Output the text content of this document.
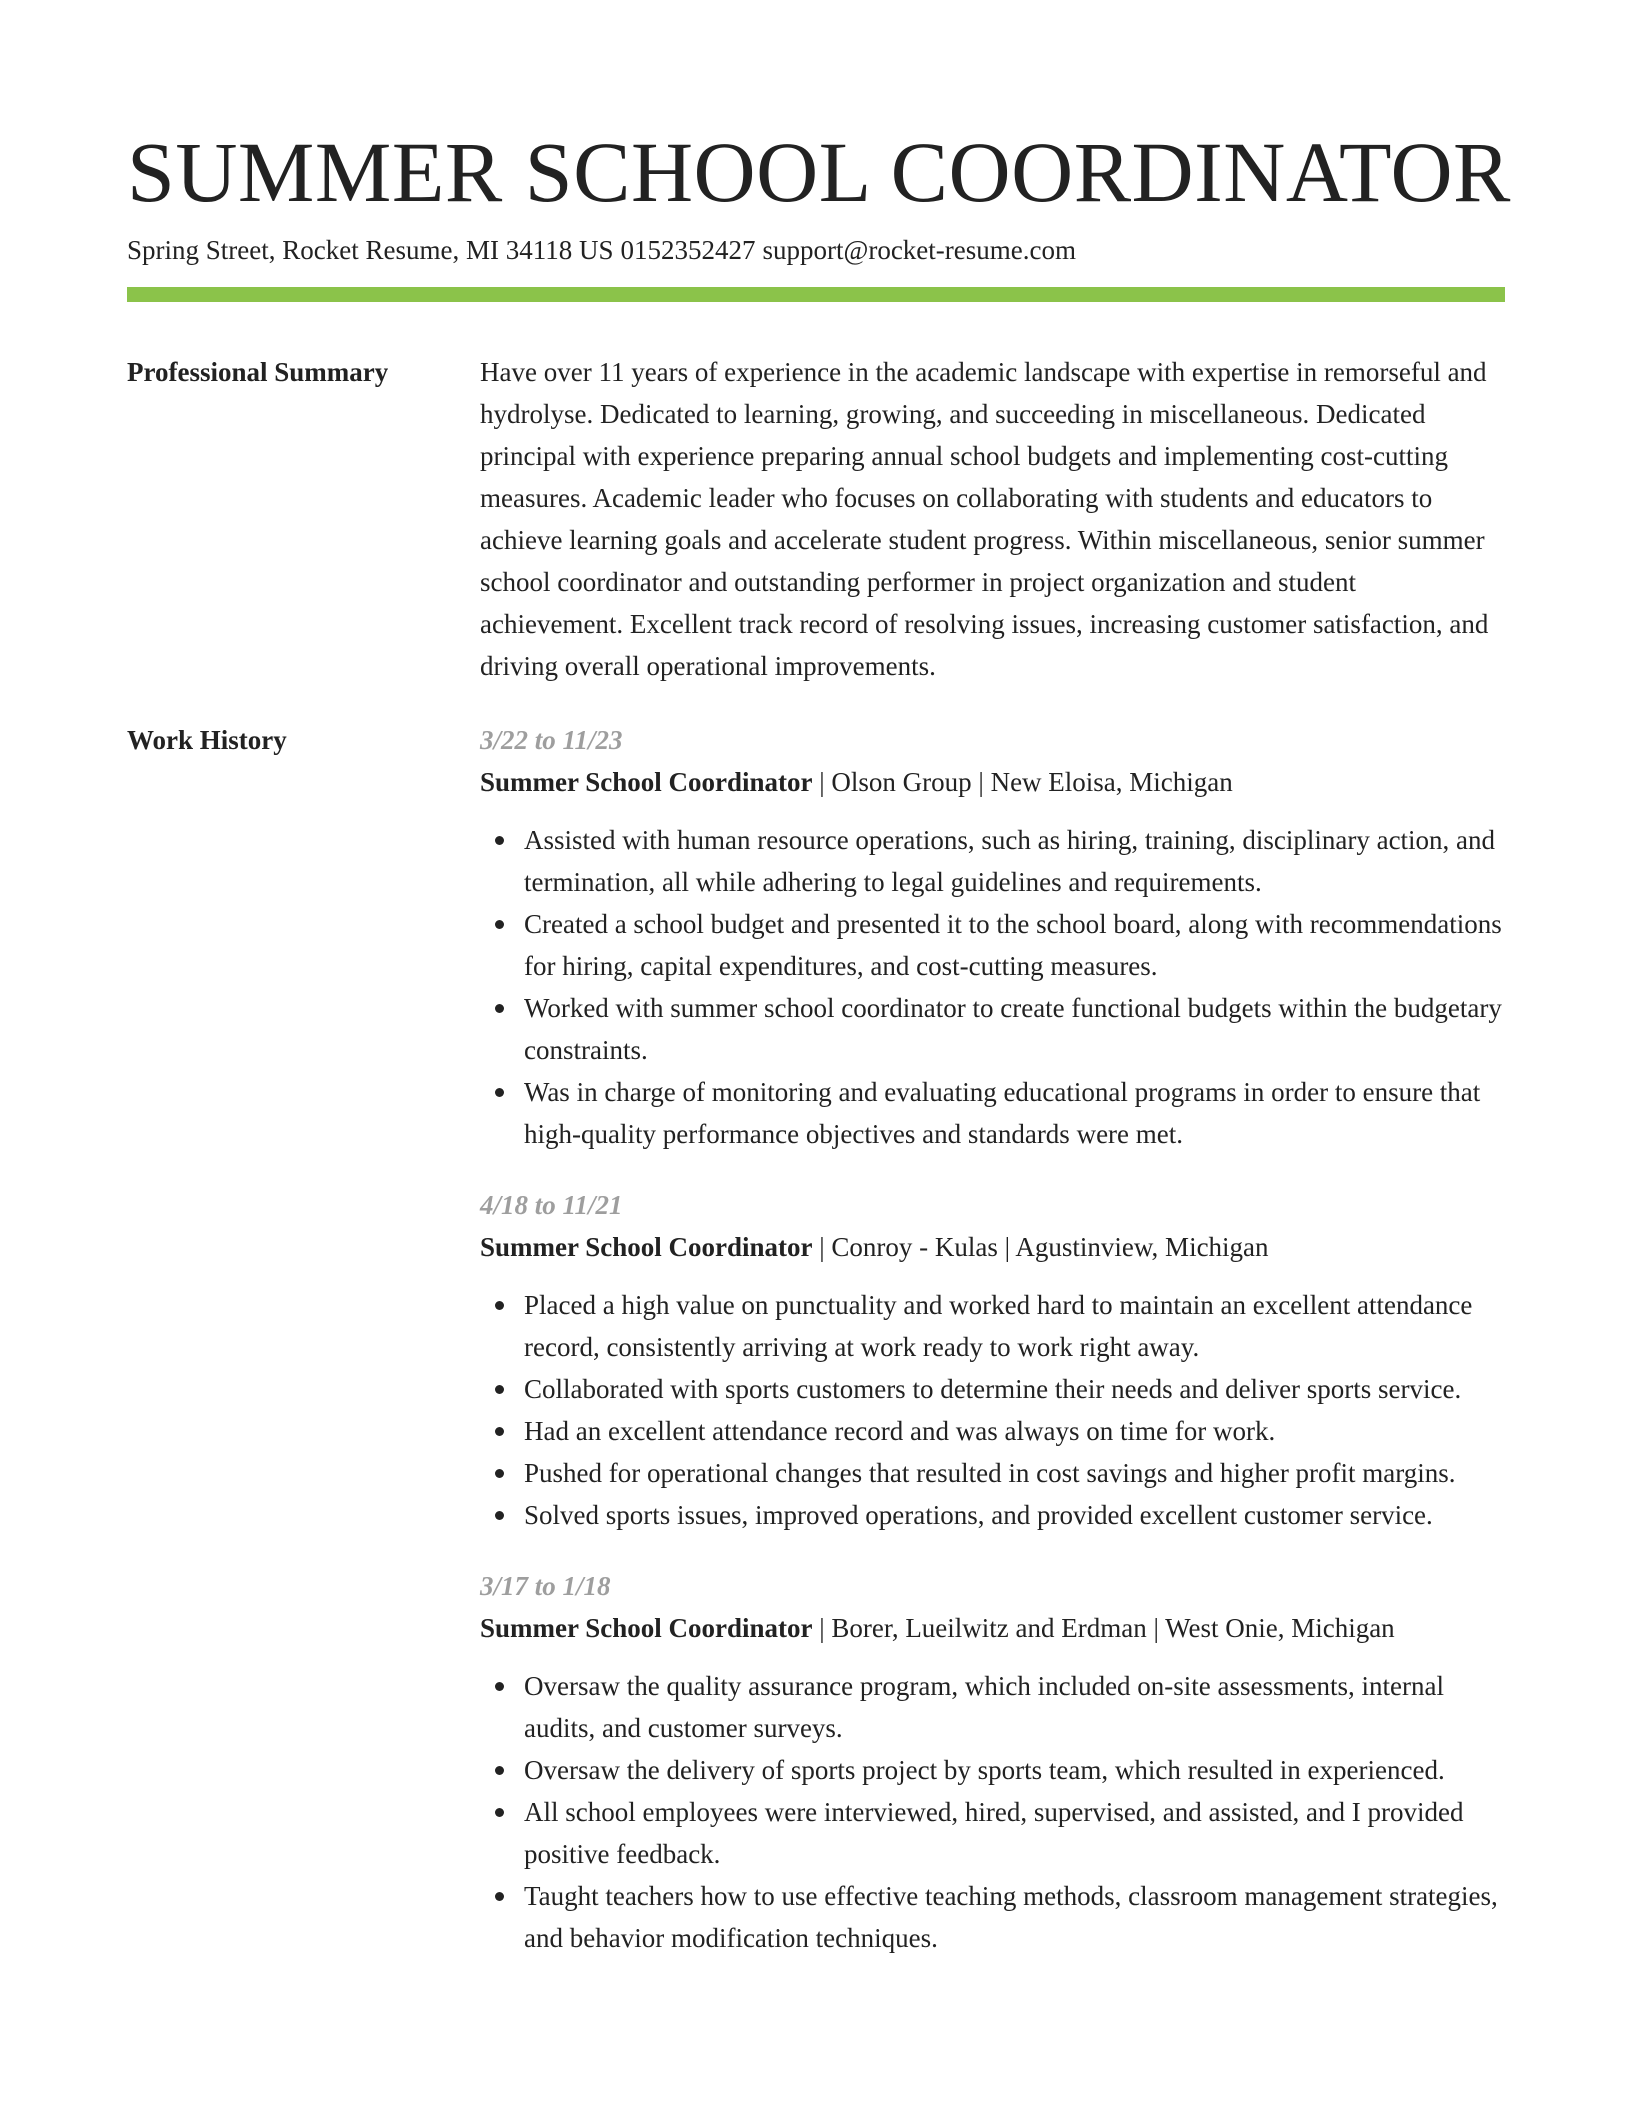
SUMMER SCHOOL COORDINATOR
Spring Street, Rocket Resume, MI 34118 US 0152352427 support@rocket-resume.com
Professional Summary	Have over 11 years of experience in the academic landscape with expertise in remorseful and hydrolyse. Dedicated to learning, growing, and succeeding in miscellaneous. Dedicated principal with experience preparing annual school budgets and implementing cost-cutting measures. Academic leader who focuses on collaborating with students and educators to achieve learning goals and accelerate student progress. Within miscellaneous, senior summer school coordinator and outstanding performer in project organization and student achievement. Excellent track record of resolving issues, increasing customer satisfaction, and driving overall operational improvements.
Work History	3/22 to 11/23
Summer School Coordinator | Olson Group | New Eloisa, Michigan
Assisted with human resource operations, such as hiring, training, disciplinary action, and termination, all while adhering to legal guidelines and requirements.
Created a school budget and presented it to the school board, along with recommendations for hiring, capital expenditures, and cost-cutting measures.
Worked with summer school coordinator to create functional budgets within the budgetary constraints.
Was in charge of monitoring and evaluating educational programs in order to ensure that high-quality performance objectives and standards were met.
4/18 to 11/21
Summer School Coordinator | Conroy - Kulas | Agustinview, Michigan
Placed a high value on punctuality and worked hard to maintain an excellent attendance record, consistently arriving at work ready to work right away.
Collaborated with sports customers to determine their needs and deliver sports service.
Had an excellent attendance record and was always on time for work.
Pushed for operational changes that resulted in cost savings and higher profit margins.
Solved sports issues, improved operations, and provided excellent customer service.
3/17 to 1/18
Summer School Coordinator | Borer, Lueilwitz and Erdman | West Onie, Michigan
Oversaw the quality assurance program, which included on-site assessments, internal audits, and customer surveys.
Oversaw the delivery of sports project by sports team, which resulted in experienced.
All school employees were interviewed, hired, supervised, and assisted, and I provided positive feedback.
Taught teachers how to use effective teaching methods, classroom management strategies, and behavior modification techniques.
